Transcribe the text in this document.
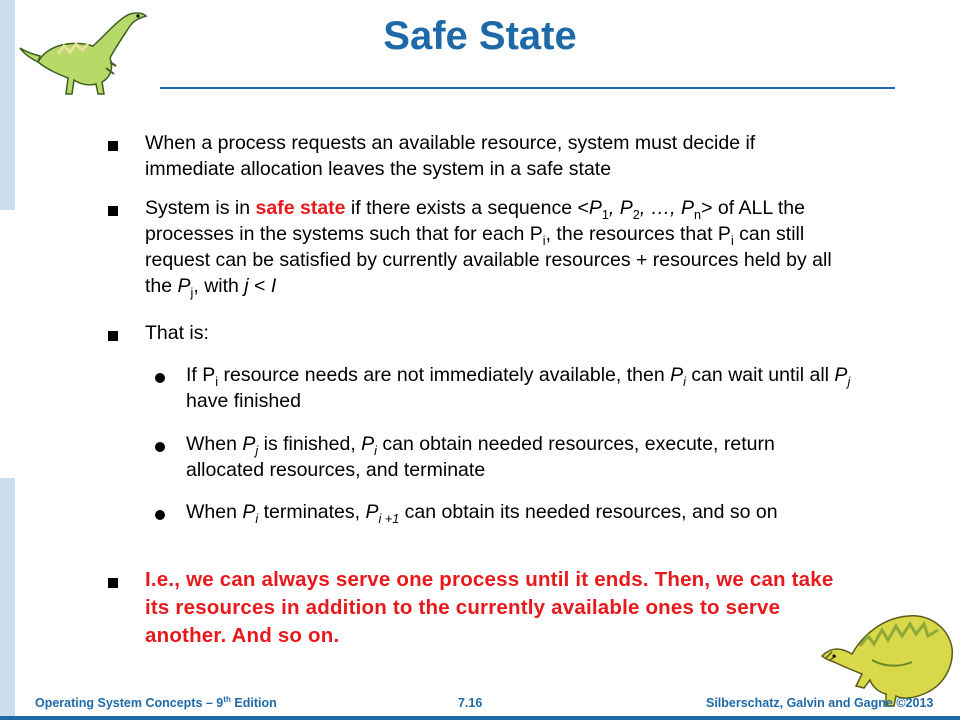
Safe State
When a process requests an available resource, system must decide if immediate allocation leaves the system in a safe state
System is in safe state if there exists a sequence $<P_1$, $P_2$, …, $P_n>$ of ALL the processes in the systems such that for each $P_i$, the resources that $P_i$ can still request can be satisfied by currently available resources + resources held by all the $P_j$, with j < I
That is:
If $P_i$ resource needs are not immediately available, then $P_i$ can wait until all $P_j$ have finished
When $P_j$ is finished, $P_i$ can obtain needed resources, execute, return allocated resources, and terminate
When $P_i$ terminates, $P_{i +1}$ can obtain its needed resources, and so on
I.e., we can always serve one process until it ends. Then, we can take its resources in addition to the currently available ones to serve another. And so on.
Operating System Concepts – 9th Edition	7.16	Silberschatz, Galvin and Gagne ©2013
